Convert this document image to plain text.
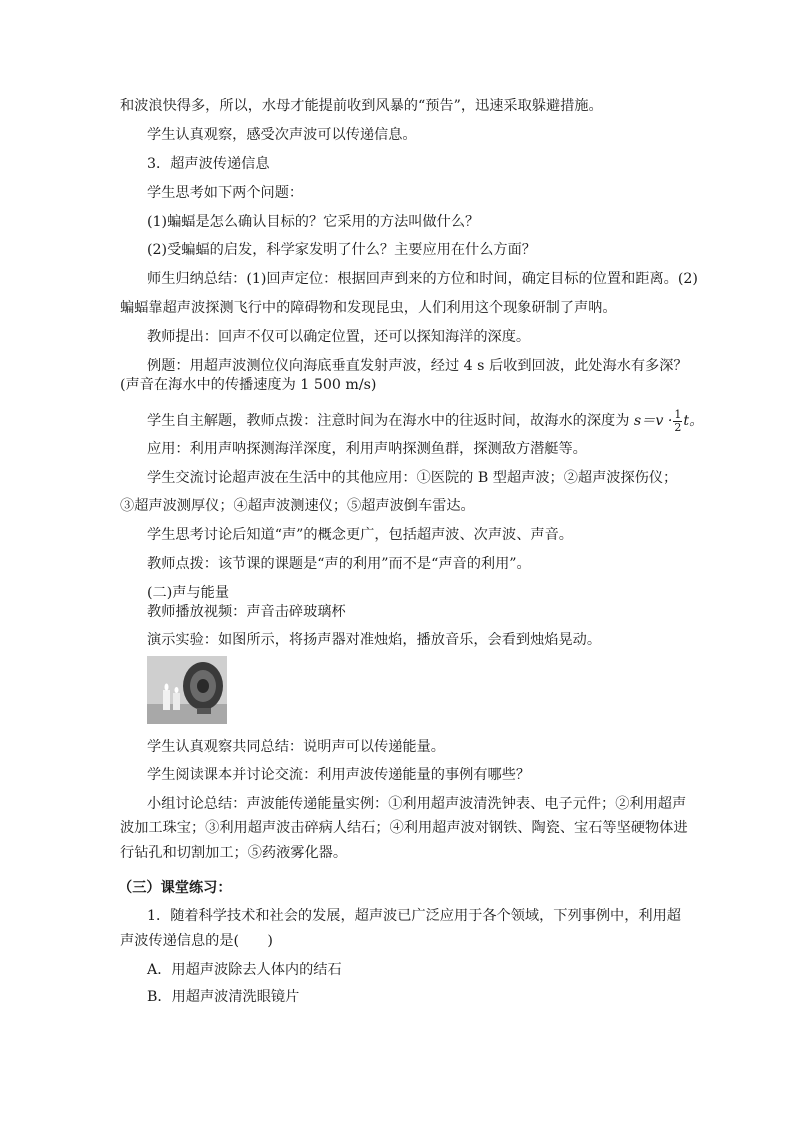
和波浪快得多，所以，水母才能提前收到风暴的“预告”，迅速采取躲避措施。
学生认真观察，感受次声波可以传递信息。
3．超声波传递信息
学生思考如下两个问题：
(1)蝙蝠是怎么确认目标的？它采用的方法叫做什么？
(2)受蝙蝠的启发，科学家发明了什么？主要应用在什么方面？
师生归纳总结：(1)回声定位：根据回声到来的方位和时间，确定目标的位置和距离。(2)
蝙蝠靠超声波探测飞行中的障碍物和发现昆虫，人们利用这个现象研制了声呐。
教师提出：回声不仅可以确定位置，还可以探知海洋的深度。
例题：用超声波测位仪向海底垂直发射声波，经过 4 s 后收到回波，此处海水有多深？
(声音在海水中的传播速度为 1 500 m/s)
学生自主解题，教师点拨：注意时间为在海水中的往返时间，故海水的深度为 $s=v \cdot \frac{1}{2}$ t。
应用：利用声呐探测海洋深度，利用声呐探测鱼群，探测敌方潜艇等。
学生交流讨论超声波在生活中的其他应用：①医院的 B 型超声波；②超声波探伤仪；
③超声波测厚仪；④超声波测速仪；⑤超声波倒车雷达。
学生思考讨论后知道“声”的概念更广，包括超声波、次声波、声音。
教师点拨：该节课的课题是“声的利用”而不是“声音的利用”。
(二)声与能量
教师播放视频：声音击碎玻璃杯
演示实验：如图所示，将扬声器对准烛焰，播放音乐，会看到烛焰晃动。
学生认真观察共同总结：说明声可以传递能量。
学生阅读课本并讨论交流：利用声波传递能量的事例有哪些？
小组讨论总结：声波能传递能量实例：①利用超声波清洗钟表、电子元件；②利用超声
波加工珠宝；③利用超声波击碎病人结石；④利用超声波对钢铁、陶瓷、宝石等坚硬物体进
行钻孔和切割加工；⑤药液雾化器。
（三）课堂练习：
1．随着科学技术和社会的发展，超声波已广泛应用于各个领域，下列事例中，利用超
声波传递信息的是(　　)
A．用超声波除去人体内的结石
B．用超声波清洗眼镜片
